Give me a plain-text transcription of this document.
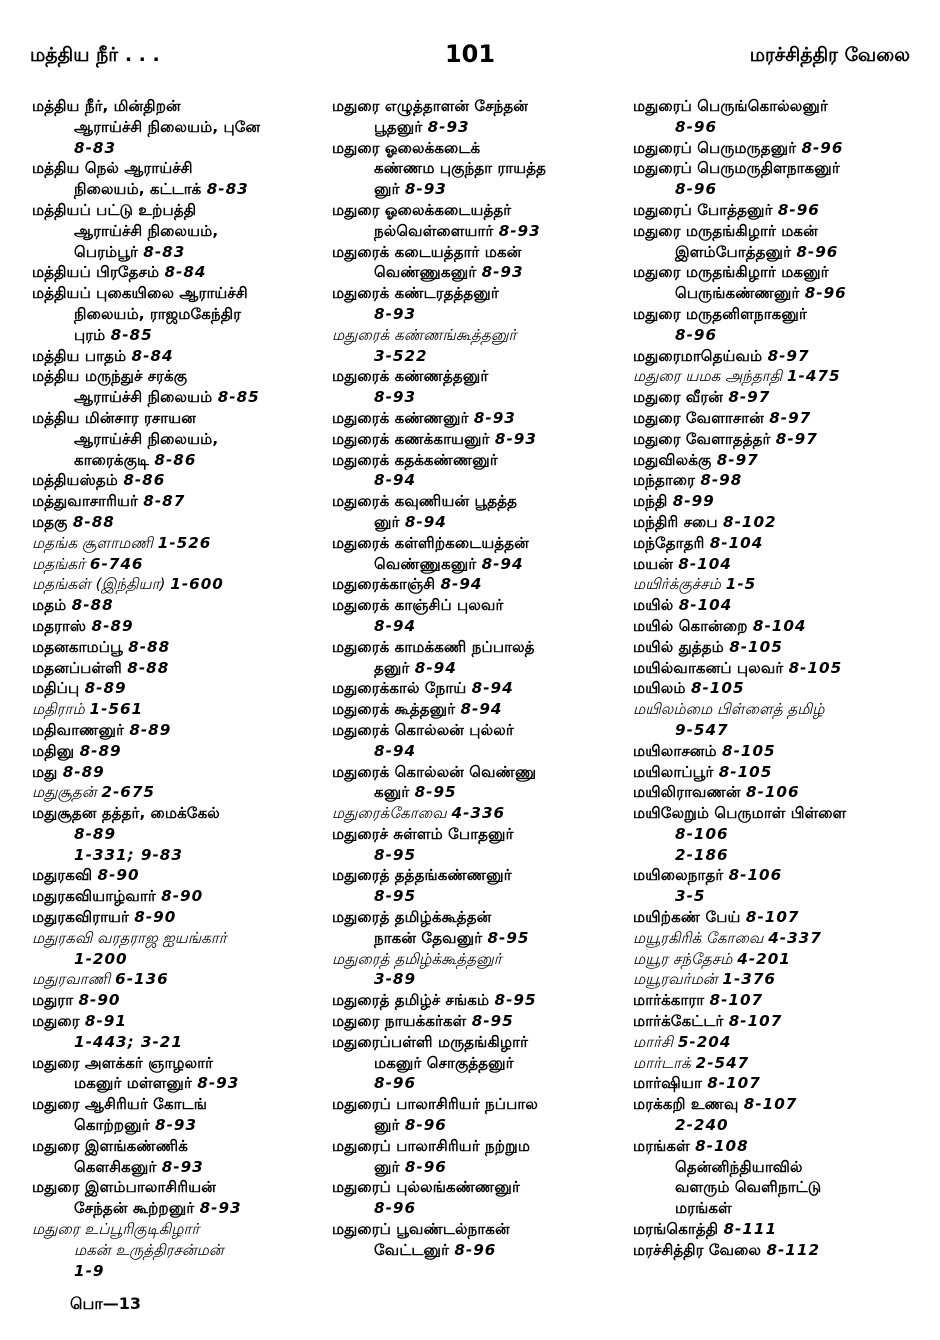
மத்திய நீர் . . .	101	மரச்சித்திர வேலை
மத்திய நீர், மின்திறன்
ஆராய்ச்சி நிலையம், புனே
8-83
மத்திய நெல் ஆராய்ச்சி
நிலையம், கட்டாக் 8-83
மத்தியப் பட்டு உற்பத்தி
ஆராய்ச்சி நிலையம்,
பெரம்பூர் 8-83
மத்தியப் பிரதேசம் 8-84
மத்தியப் புகையிலை ஆராய்ச்சி
நிலையம், ராஜமகேந்திர
புரம் 8-85
மத்திய பாதம் 8-84
மத்திய மருந்துச் சரக்கு
ஆராய்ச்சி நிலையம் 8-85
மத்திய மின்சார ரசாயன
ஆராய்ச்சி நிலையம்,
காரைக்குடி 8-86
மத்தியஸ்தம் 8-86
மத்துவாசாரியர் 8-87
மதகு 8-88
மதங்க சூளாமணி 1-526
மதங்கர் 6-746
மதங்கள் (இந்தியா) 1-600
மதம் 8-88
மதராஸ் 8-89
மதனகாமப்பூ 8-88
மதனப்பள்ளி 8-88
மதிப்பு 8-89
மதிராம் 1-561
மதிவாணனுர் 8-89
மதினு 8-89
மது 8-89
மதுசூதன் 2-675
மதுசூதன தத்தர், மைக்கேல்
8-89
1-331; 9-83
மதுரகவி 8-90
மதுரகவியாழ்வார் 8-90
மதுரகவிராயர் 8-90
மதுரகவி வரதராஜ ஐயங்கார்
1-200
மதுரவாணி 6-136
மதுரா 8-90
மதுரை 8-91
1-443; 3-21
மதுரை அளக்கர் ஞாழலார்
மகனுர் மள்ளனுர் 8-93
மதுரை ஆசிரியர் கோடங்
கொற்றனுர் 8-93
மதுரை இளங்கண்ணிக்
கௌசிகனுர் 8-93
மதுரை இளம்பாலாசிரியன்
சேந்தன் கூற்றனுர் 8-93
மதுரை உப்பூரிகுடிகிழார்
மகன் உருத்திரசன்மன்
1-9
மதுரை எழுத்தாளன் சேந்தன்
பூதனுர் 8-93
மதுரை ஓலைக்கடைக்
கண்ணம புகுந்தா ராயத்த
னுர் 8-93
மதுரை ஓலைக்கடையத்தர்
நல்வெள்ளையார் 8-93
மதுரைக் கடையத்தார் மகன்
வெண்ணுகனுர் 8-93
மதுரைக் கண்டரதத்தனுர்
8-93
மதுரைக் கண்ணங்கூத்தனுர்
3-522
மதுரைக் கண்ணத்தனுர்
8-93
மதுரைக் கண்ணனுர் 8-93
மதுரைக் கணக்காயனுர் 8-93
மதுரைக் கதக்கண்ணனுர்
8-94
மதுரைக் கவுணியன் பூதத்த
னுர் 8-94
மதுரைக் கள்ளிற்கடையத்தன்
வெண்ணுகனுர் 8-94
மதுரைக்காஞ்சி 8-94
மதுரைக் காஞ்சிப் புலவர்
8-94
மதுரைக் காமக்கணி நப்பாலத்
தனுர் 8-94
மதுரைக்கால் நோய் 8-94
மதுரைக் கூத்தனுர் 8-94
மதுரைக் கொல்லன் புல்லர்
8-94
மதுரைக் கொல்லன் வெண்ணு
கனுர் 8-95
மதுரைக்கோவை 4-336
மதுரைச் சுள்ளம் போதனுர்
8-95
மதுரைத் தத்தங்கண்ணனுர்
8-95
மதுரைத் தமிழ்க்கூத்தன்
நாகன் தேவனுர் 8-95
மதுரைத் தமிழ்க்கூத்தனுர்
3-89
மதுரைத் தமிழ்ச் சங்கம் 8-95
மதுரை நாயக்கர்கள் 8-95
மதுரைப்பள்ளி மருதங்கிழார்
மகனுர் சொகுத்தனுர்
8-96
மதுரைப் பாலாசிரியர் நப்பால
னுர் 8-96
மதுரைப் பாலாசிரியர் நற்றும
னுர் 8-96
மதுரைப் புல்லங்கண்ணனுர்
8-96
மதுரைப் பூவண்டல்நாகன்
வேட்டனுர் 8-96
மதுரைப் பெருங்கொல்லனுர்
8-96
மதுரைப் பெருமருதனுர் 8-96
மதுரைப் பெருமருதிளநாகனுர்
8-96
மதுரைப் போத்தனுர் 8-96
மதுரை மருதங்கிழார் மகன்
இளம்போத்தனுர் 8-96
மதுரை மருதங்கிழார் மகனுர்
பெருங்கண்ணனுர் 8-96
மதுரை மருதனிளநாகனுர்
8-96
மதுரைமாதெய்வம் 8-97
மதுரை யமக அந்தாதி 1-475
மதுரை வீரன் 8-97
மதுரை வேளாசான் 8-97
மதுரை வேளாதத்தர் 8-97
மதுவிலக்கு 8-97
மந்தாரை 8-98
மந்தி 8-99
மந்திரி சபை 8-102
மந்தோதரி 8-104
மயன் 8-104
மயிர்க்குச்சம் 1-5
மயில் 8-104
மயில் கொன்றை 8-104
மயில் துத்தம் 8-105
மயில்வாகனப் புலவர் 8-105
மயிலம் 8-105
மயிலம்மை பிள்ளைத் தமிழ்
9-547
மயிலாசனம் 8-105
மயிலாப்பூர் 8-105
மயிலிராவணன் 8-106
மயிலேறும் பெருமாள் பிள்ளை
8-106
2-186
மயிலைநாதர் 8-106
3-5
மயிற்கண் பேய் 8-107
மயூரகிரிக் கோவை 4-337
மயூர சந்தேசம் 4-201
மயூரவர்மன் 1-376
மார்க்காரா 8-107
மார்க்கேட்டர் 8-107
மார்சி 5-204
மார்டாக் 2-547
மார்ஷியா 8-107
மரக்கறி உணவு 8-107
2-240
மரங்கள் 8-108
தென்னிந்தியாவில்
வளரும் வெளிநாட்டு
மரங்கள்
மரங்கொத்தி 8-111
மரச்சித்திர வேலை 8-112
பொ—13
